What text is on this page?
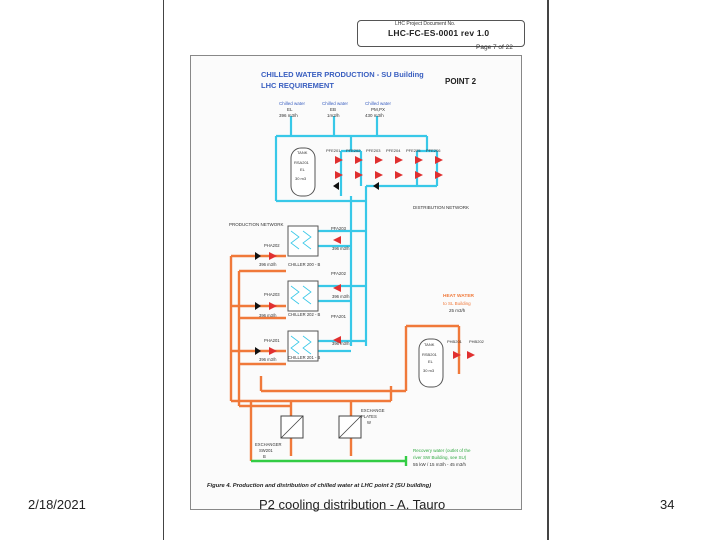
LHC Project Document No.
LHC-FC-ES-0001 rev 1.0
Page 7 of 22
CHILLED WATER PRODUCTION - SU Building
LHC REQUIREMENT	POINT 2
Chilled water
EL
396 m3/h
Chilled water
EB
1m3/h
Chilled water
PM,PX
430 m3/h
TANK
RSA201
EL
30 m3
PFE201 PFE202 PFE203 PFE204 PFE205 PFE206
DISTRIBUTION NETWORK
PRODUCTION NETWORK
CHILLER 200 - B
PHA202
396 m3/h
PFA203
396 m3/h
CHILLER 202 - B
PHA203
396 m3/h
PFA202
396 m3/h
CHILLER 201 - B
PHA201
396 m3/h
PFA201
396 m3/h
HEAT WATER
to SL Building
25 m3/h
TANK
RSB201
EL
30 m3
PHB201 PHB202
EXCHANGER
SW201
B
EXCHANGE
PLATES
W
Recovery water (outlet of the
river SW Building, see SU)
55 kW / 15 m3/h - 45 m3/h
Figure 4. Production and distribution of chilled water at LHC point 2 (SU building)
2/18/2021	P2 cooling distribution - A. Tauro	34
